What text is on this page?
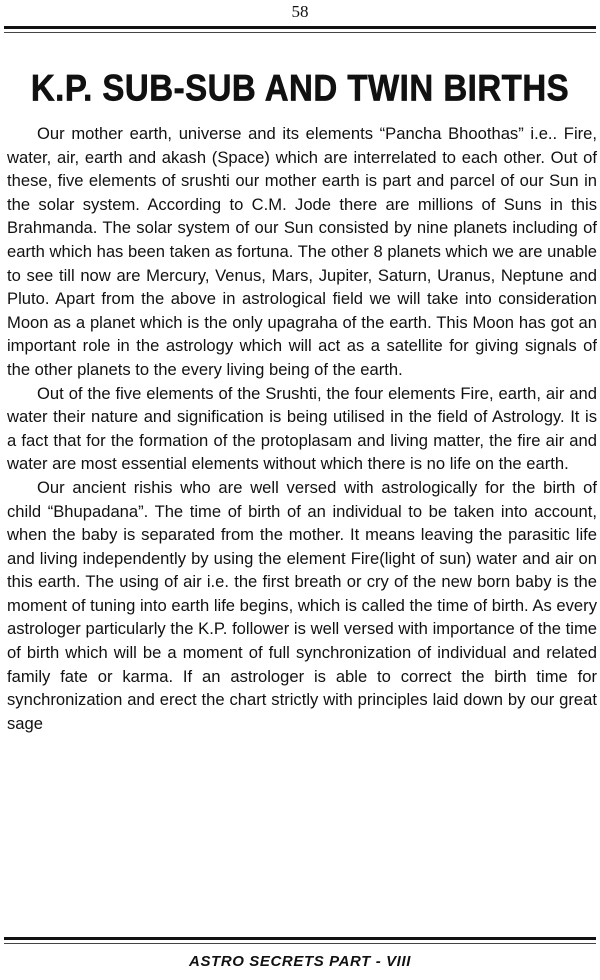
58
K.P. SUB-SUB AND TWIN BIRTHS

Our mother earth, universe and its elements “Pancha Bhoothas” i.e.. Fire, water, air, earth and akash (Space) which are interrelated to each other. Out of these, five elements of srushti our mother earth is part and parcel of our Sun in the solar system. According to C.M. Jode there are millions of Suns in this Brahmanda. The solar system of our Sun consisted by nine planets including of earth which has been taken as fortuna. The other 8 planets which we are unable to see till now are Mercury, Venus, Mars, Jupiter, Saturn, Uranus, Neptune and Pluto. Apart from the above in astrological field we will take into consideration Moon as a planet which is the only upagraha of the earth. This Moon has got an important role in the astrology which will act as a satellite for giving signals of the other planets to the every living being of the earth.

Out of the five elements of the Srushti, the four elements Fire, earth, air and water their nature and signification is being utilised in the field of Astrology. It is a fact that for the formation of the protoplasam and living matter, the fire air and water are most essential elements without which there is no life on the earth.

Our ancient rishis who are well versed with astrologically for the birth of child “Bhupadana”. The time of birth of an individual to be taken into account, when the baby is separated from the mother. It means leaving the parasitic life and living independently by using the element Fire(light of sun) water and air on this earth. The using of air i.e. the first breath or cry of the new born baby is the moment of tuning into earth life begins, which is called the time of birth. As every astrologer particularly the K.P. follower is well versed with importance of the time of birth which will be a moment of full synchronization of individual and related family fate or karma. If an astrologer is able to correct the birth time for synchronization and erect the chart strictly with principles laid down by our great sage

ASTRO SECRETS PART - VIII
